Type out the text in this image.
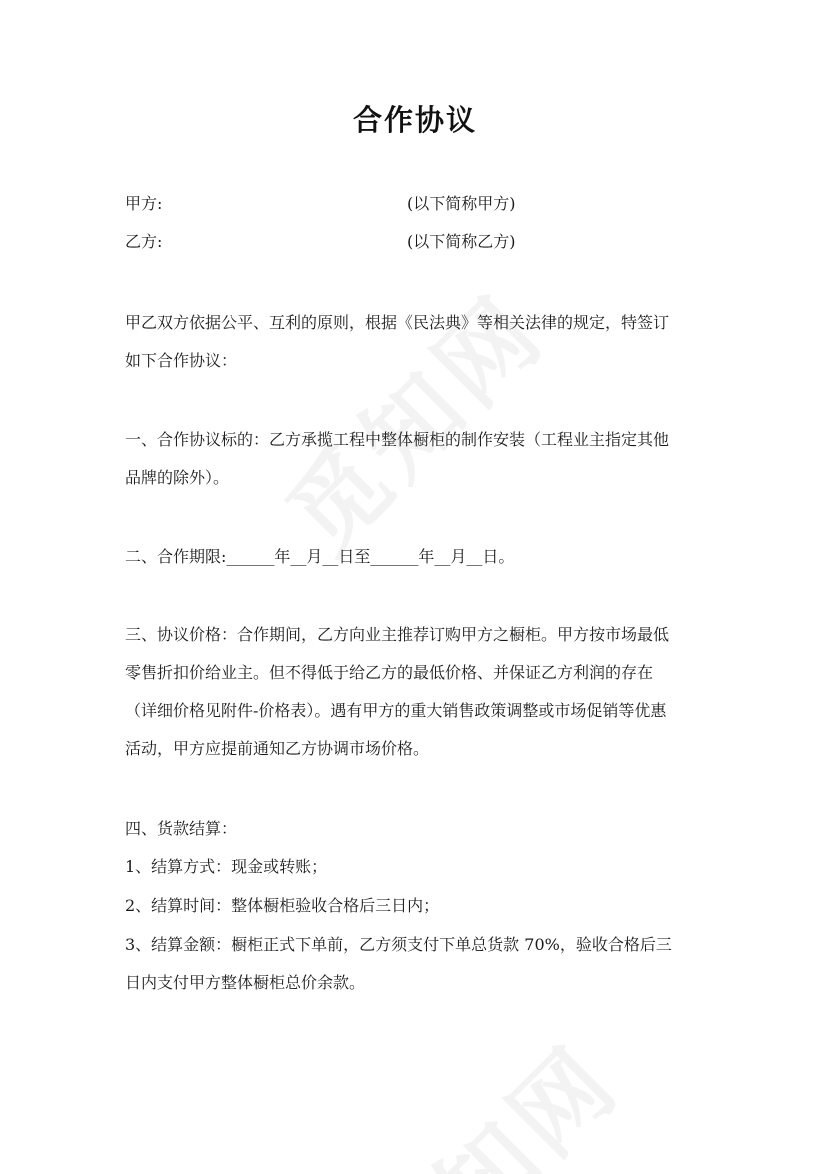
合作协议
甲方:	(以下简称甲方)
乙方:	(以下简称乙方)
甲乙双方依据公平、互利的原则，根据《民法典》等相关法律的规定，特签订
如下合作协议：
一、合作协议标的：乙方承揽工程中整体橱柜的制作安装（工程业主指定其他
品牌的除外）。
二、合作期限:______年__月__日至______年__月__日。
三、协议价格：合作期间，乙方向业主推荐订购甲方之橱柜。甲方按市场最低
零售折扣价给业主。但不得低于给乙方的最低价格、并保证乙方利润的存在
（详细价格见附件-价格表）。遇有甲方的重大销售政策调整或市场促销等优惠
活动，甲方应提前通知乙方协调市场价格。
四、货款结算：
1、结算方式：现金或转账；
2、结算时间：整体橱柜验收合格后三日内；
3、结算金额：橱柜正式下单前，乙方须支付下单总货款 70%，验收合格后三
日内支付甲方整体橱柜总价余款。
